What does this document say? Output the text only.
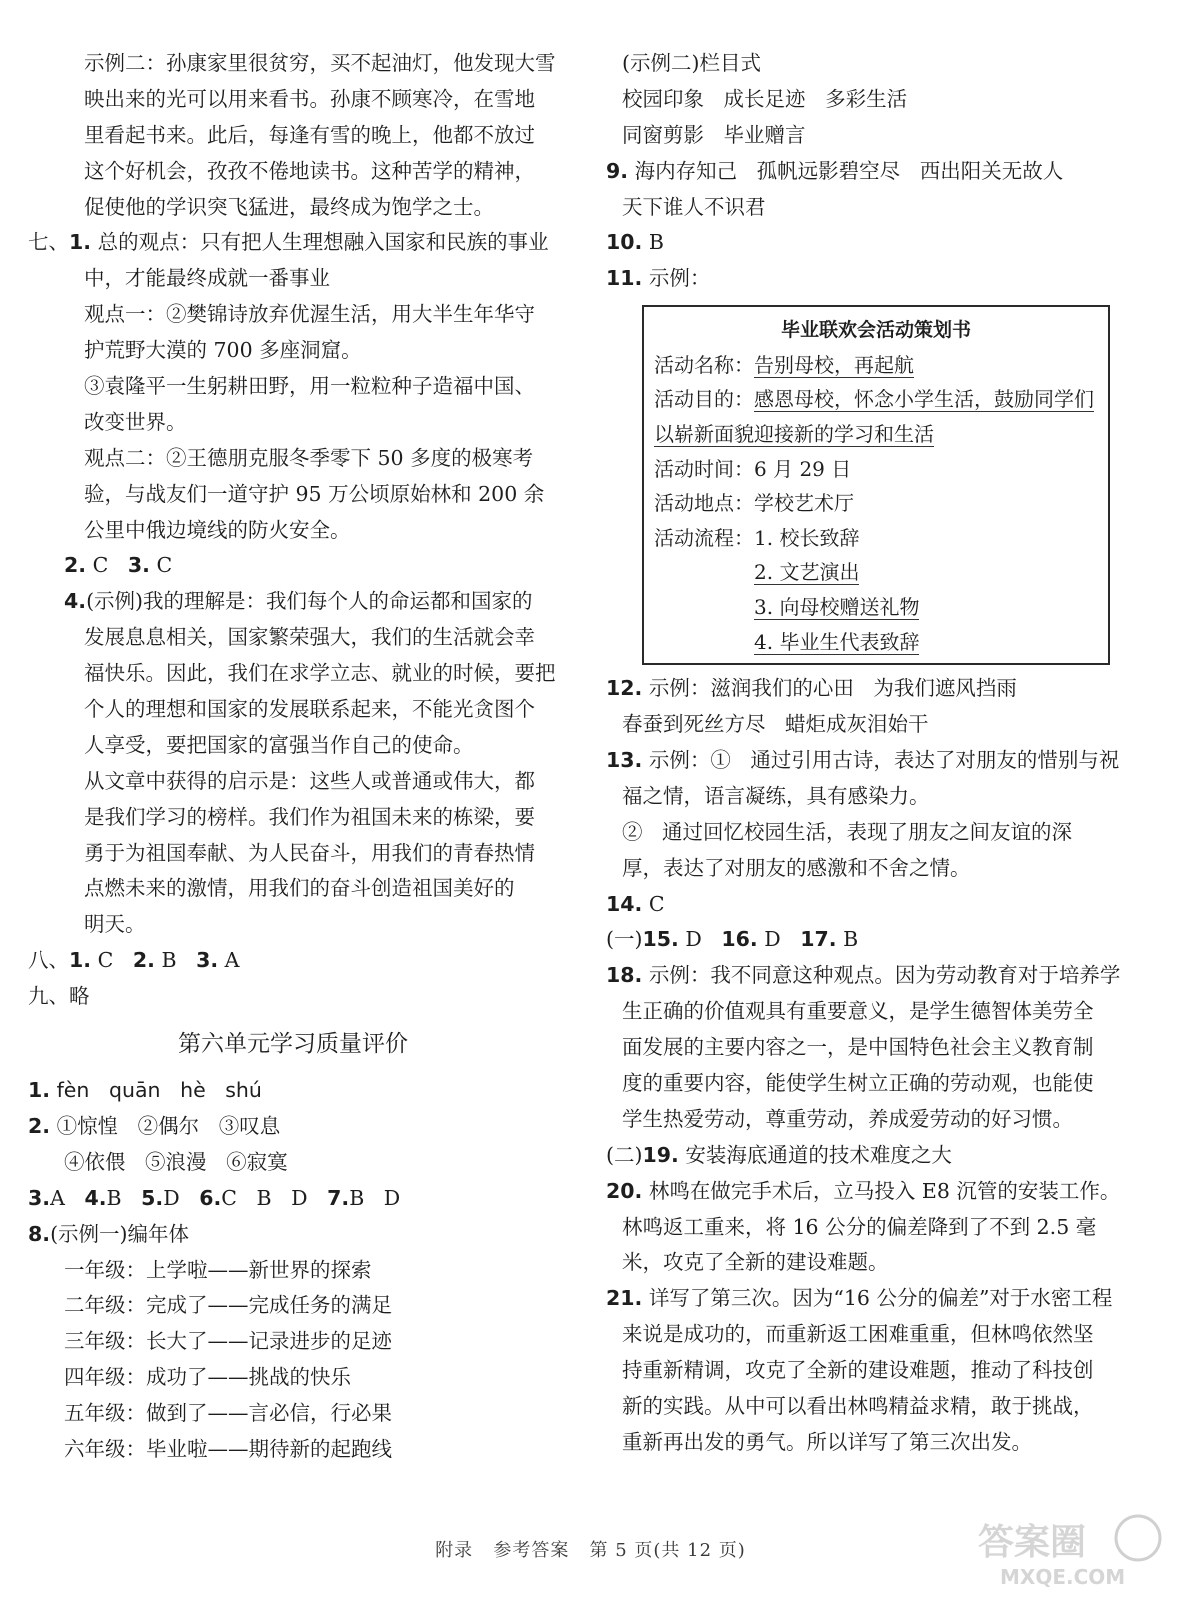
示例二：孙康家里很贫穷，买不起油灯，他发现大雪
映出来的光可以用来看书。孙康不顾寒冷，在雪地
里看起书来。此后，每逢有雪的晚上，他都不放过
这个好机会，孜孜不倦地读书。这种苦学的精神，
促使他的学识突飞猛进，最终成为饱学之士。
七、1. 总的观点：只有把人生理想融入国家和民族的事业
中，才能最终成就一番事业
观点一：②樊锦诗放弃优渥生活，用大半生年华守
护荒野大漠的 700 多座洞窟。
③袁隆平一生躬耕田野，用一粒粒种子造福中国、
改变世界。
观点二：②王德朋克服冬季零下 50 多度的极寒考
验，与战友们一道守护 95 万公顷原始林和 200 余
公里中俄边境线的防火安全。
2. C 3. C
4.(示例)我的理解是：我们每个人的命运都和国家的
发展息息相关，国家繁荣强大，我们的生活就会幸
福快乐。因此，我们在求学立志、就业的时候，要把
个人的理想和国家的发展联系起来，不能光贪图个
人享受，要把国家的富强当作自己的使命。
从文章中获得的启示是：这些人或普通或伟大，都
是我们学习的榜样。我们作为祖国未来的栋梁，要
勇于为祖国奉献、为人民奋斗，用我们的青春热情
点燃未来的激情，用我们的奋斗创造祖国美好的
明天。
八、1. C 2. B 3. A
九、略
第六单元学习质量评价
1. fèn   quān   hè   shú
2. ①惊惶   ②偶尔   ③叹息
④依偎   ⑤浪漫   ⑥寂寞
3.A 4.B 5.D 6.C   B   D 7.B   D
8.(示例一)编年体
一年级：上学啦——新世界的探索
二年级：完成了——完成任务的满足
三年级：长大了——记录进步的足迹
四年级：成功了——挑战的快乐
五年级：做到了——言必信，行必果
六年级：毕业啦——期待新的起跑线
(示例二)栏目式
校园印象   成长足迹   多彩生活
同窗剪影   毕业赠言
9. 海内存知己   孤帆远影碧空尽   西出阳关无故人
天下谁人不识君
10. B
11. 示例：
毕业联欢会活动策划书
活动名称：告别母校，再起航
活动目的：感恩母校，怀念小学生活，鼓励同学们
以崭新面貌迎接新的学习和生活
活动时间：6 月 29 日
活动地点：学校艺术厅
活动流程：1. 校长致辞
2. 文艺演出
3. 向母校赠送礼物
4. 毕业生代表致辞
12. 示例：滋润我们的心田   为我们遮风挡雨
春蚕到死丝方尽   蜡炬成灰泪始干
13. 示例：①   通过引用古诗，表达了对朋友的惜别与祝
福之情，语言凝练，具有感染力。
②   通过回忆校园生活，表现了朋友之间友谊的深
厚，表达了对朋友的感激和不舍之情。
14. C
(一)15. D 16. D 17. B
18. 示例：我不同意这种观点。因为劳动教育对于培养学
生正确的价值观具有重要意义，是学生德智体美劳全
面发展的主要内容之一，是中国特色社会主义教育制
度的重要内容，能使学生树立正确的劳动观，也能使
学生热爱劳动，尊重劳动，养成爱劳动的好习惯。
(二)19. 安装海底通道的技术难度之大
20. 林鸣在做完手术后，立马投入 E8 沉管的安装工作。
林鸣返工重来，将 16 公分的偏差降到了不到 2.5 毫
米，攻克了全新的建设难题。
21. 详写了第三次。因为“16 公分的偏差”对于水密工程
来说是成功的，而重新返工困难重重，但林鸣依然坚
持重新精调，攻克了全新的建设难题，推动了科技创
新的实践。从中可以看出林鸣精益求精，敢于挑战，
重新再出发的勇气。所以详写了第三次出发。
附录   参考答案   第 5 页(共 12 页)	答案圈
MXQE.COM
